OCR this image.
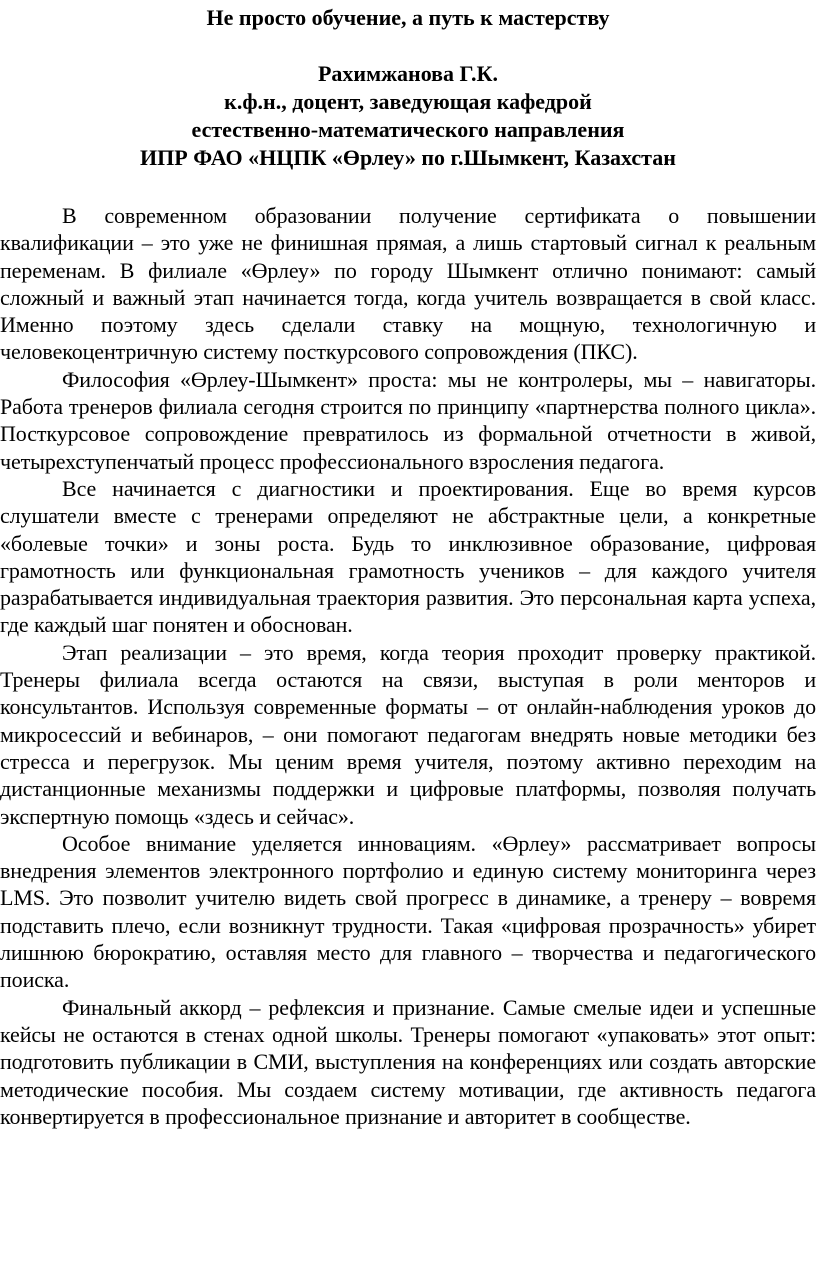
Не просто обучение, а путь к мастерству
Рахимжанова Г.К.
к.ф.н., доцент, заведующая кафедрой
естественно-математического направления
ИПР ФАО «НЦПК «Өрлеу» по г.Шымкент, Казахстан

В современном образовании получение сертификата о повышении квалификации – это уже не финишная прямая, а лишь стартовый сигнал к реальным переменам. В филиале «Өрлеу» по городу Шымкент отлично понимают: самый сложный и важный этап начинается тогда, когда учитель возвращается в свой класс. Именно поэтому здесь сделали ставку на мощную, технологичную и человекоцентричную систему посткурсового сопровождения (ПКС).

Философия «Өрлеу-Шымкент» проста: мы не контролеры, мы – навигаторы. Работа тренеров филиала сегодня строится по принципу «партнерства полного цикла». Посткурсовое сопровождение превратилось из формальной отчетности в живой, четырехступенчатый процесс профессионального взросления педагога.

Все начинается с диагностики и проектирования. Еще во время курсов слушатели вместе с тренерами определяют не абстрактные цели, а конкретные «болевые точки» и зоны роста. Будь то инклюзивное образование, цифровая грамотность или функциональная грамотность учеников – для каждого учителя разрабатывается индивидуальная траектория развития. Это персональная карта успеха, где каждый шаг понятен и обоснован.

Этап реализации – это время, когда теория проходит проверку практикой. Тренеры филиала всегда остаются на связи, выступая в роли менторов и консультантов. Используя современные форматы – от онлайн-наблюдения уроков до микросессий и вебинаров, – они помогают педагогам внедрять новые методики без стресса и перегрузок. Мы ценим время учителя, поэтому активно переходим на дистанционные механизмы поддержки и цифровые платформы, позволяя получать экспертную помощь «здесь и сейчас».

Особое внимание уделяется инновациям. «Өрлеу» рассматривает вопросы внедрения элементов электронного портфолио и единую систему мониторинга через LMS. Это позволит учителю видеть свой прогресс в динамике, а тренеру – вовремя подставить плечо, если возникнут трудности. Такая «цифровая прозрачность» убирет лишнюю бюрократию, оставляя место для главного – творчества и педагогического поиска.

Финальный аккорд – рефлексия и признание. Самые смелые идеи и успешные кейсы не остаются в стенах одной школы. Тренеры помогают «упаковать» этот опыт: подготовить публикации в СМИ, выступления на конференциях или создать авторские методические пособия. Мы создаем систему мотивации, где активность педагога конвертируется в профессиональное признание и авторитет в сообществе.
